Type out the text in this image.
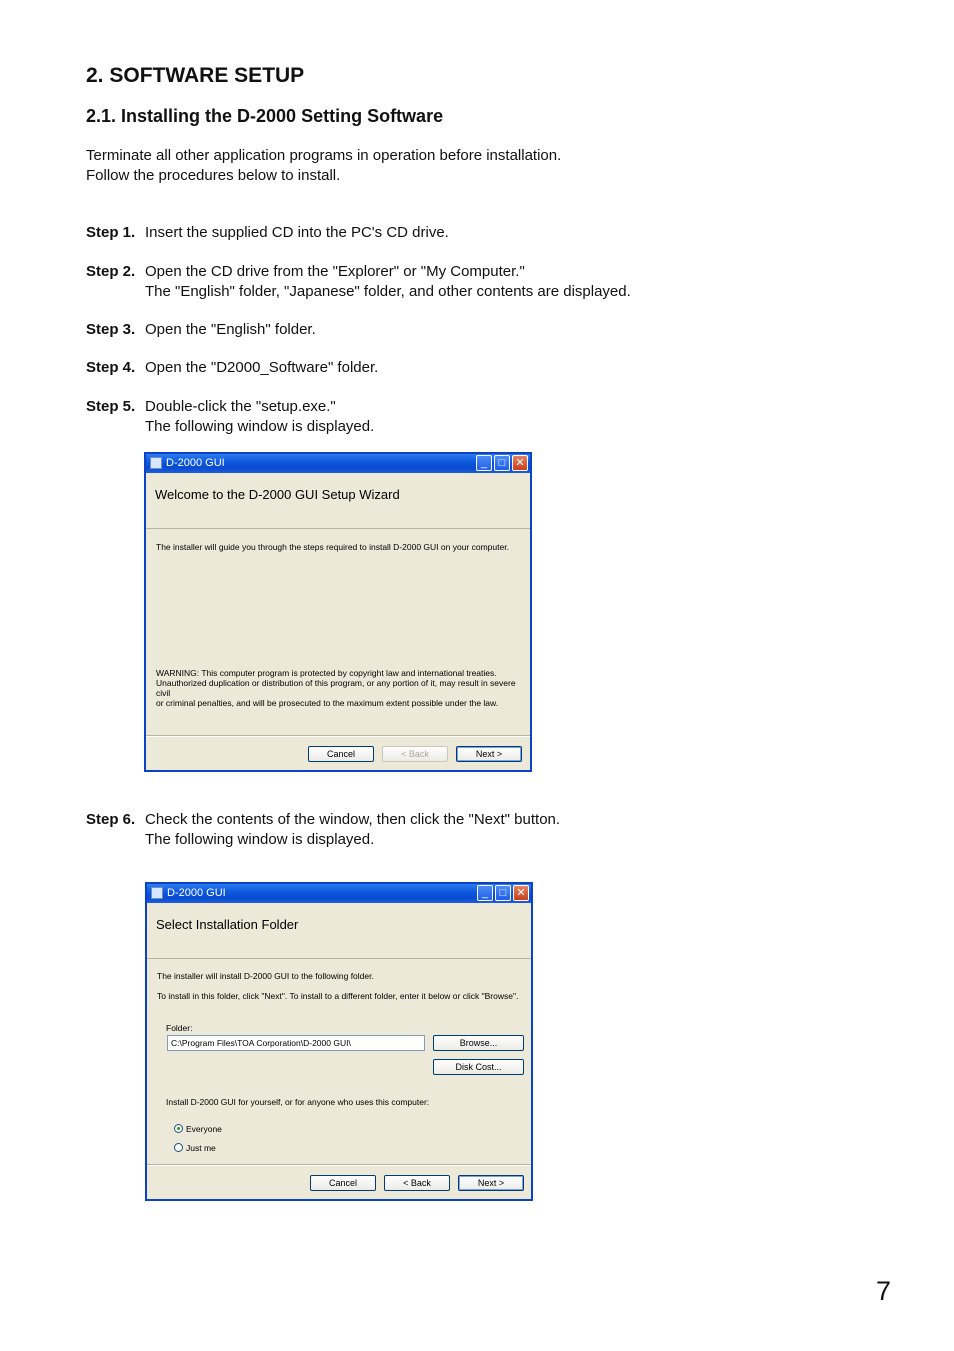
2. SOFTWARE SETUP
2.1. Installing the D-2000 Setting Software
Terminate all other application programs in operation before installation.
Follow the procedures below to install.
Step 1. Insert the supplied CD into the PC's CD drive.
Step 2. Open the CD drive from the "Explorer" or "My Computer."
The "English" folder, "Japanese" folder, and other contents are displayed.
Step 3. Open the "English" folder.
Step 4. Open the "D2000_Software" folder.
Step 5. Double-click the "setup.exe."
The following window is displayed.
D-2000 GUI	_	□ ✕
Welcome to the D-2000 GUI Setup Wizard
The installer will guide you through the steps required to install D-2000 GUI on your computer.
WARNING: This computer program is protected by copyright law and international treaties.
Unauthorized duplication or distribution of this program, or any portion of it, may result in severe civil
or criminal penalties, and will be prosecuted to the maximum extent possible under the law.
Cancel	< Back	Next >
Step 6. Check the contents of the window, then click the "Next" button.
The following window is displayed.
D-2000 GUI	_	□ ✕
Select Installation Folder
The installer will install D-2000 GUI to the following folder.
To install in this folder, click "Next". To install to a different folder, enter it below or click "Browse".
Folder:
C:\Program Files\TOA Corporation\D-2000 GUI\	Browse...
Disk Cost...
Install D-2000 GUI for yourself, or for anyone who uses this computer:
Everyone
Just me
Cancel	< Back	Next >
7
